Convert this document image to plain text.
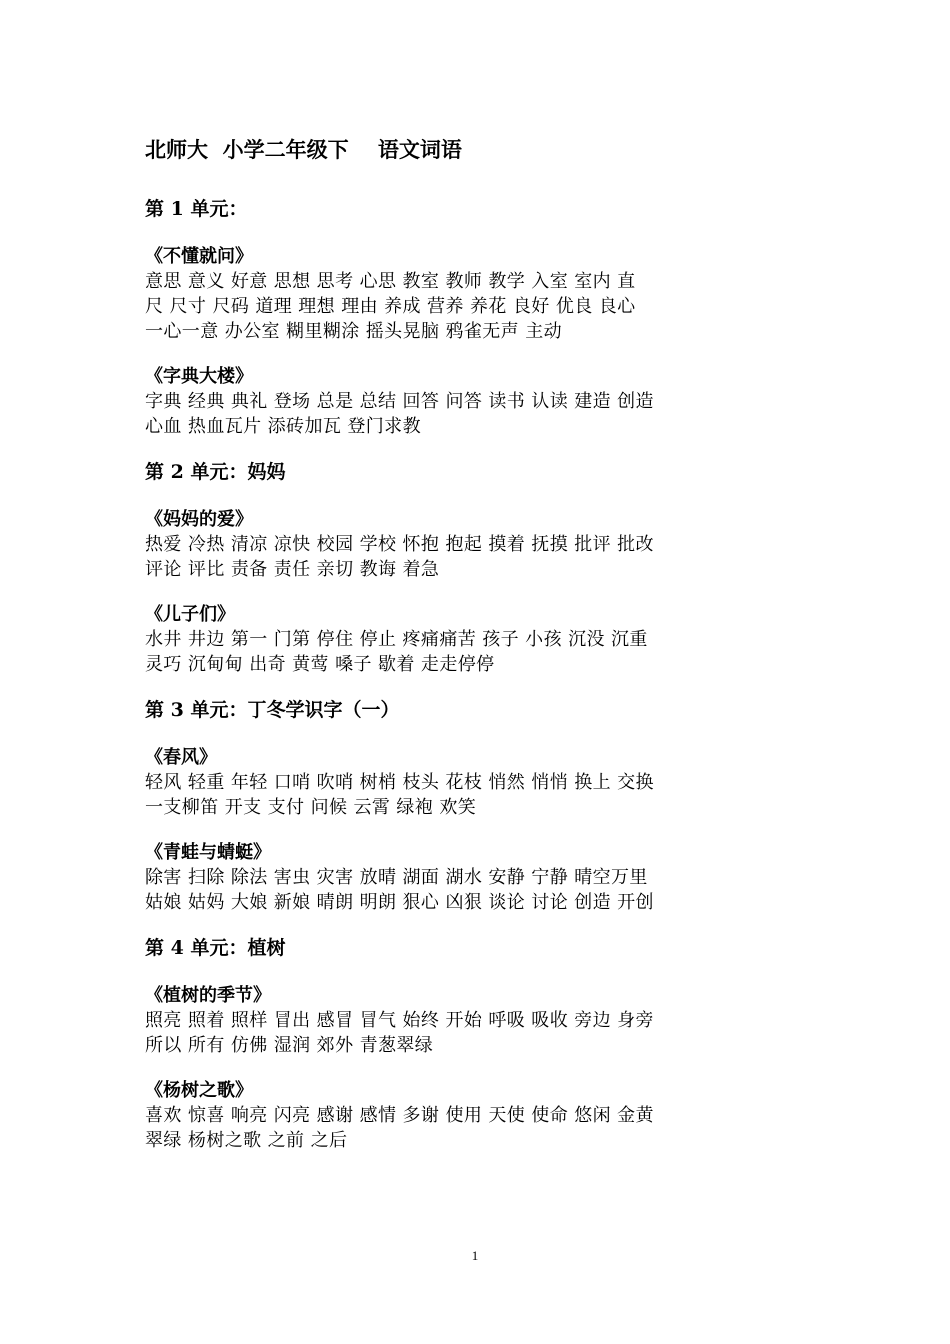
北师大  小学二年级下    语文词语
第 1 单元：
《不懂就问》
意思 意义 好意 思想 思考 心思 教室 教师 教学 入室 室内 直
尺 尺寸 尺码 道理 理想 理由 养成 营养 养花 良好 优良 良心
一心一意 办公室 糊里糊涂 摇头晃脑 鸦雀无声 主动
《字典大楼》
字典 经典 典礼 登场 总是 总结 回答 问答 读书 认读 建造 创造
心血 热血瓦片 添砖加瓦 登门求教
第 2 单元：妈妈
《妈妈的爱》
热爱 冷热 清凉 凉快 校园 学校 怀抱 抱起 摸着 抚摸 批评 批改
评论 评比 责备 责任 亲切 教诲 着急
《儿子们》
水井 井边 第一 门第 停住 停止 疼痛痛苦 孩子 小孩 沉没 沉重
灵巧 沉甸甸 出奇 黄莺 嗓子 歇着 走走停停
第 3 单元：丁冬学识字（一）
《春风》
轻风 轻重 年轻 口哨 吹哨 树梢 枝头 花枝 悄然 悄悄 换上 交换
一支柳笛 开支 支付 问候 云霄 绿袍 欢笑
《青蛙与蜻蜓》
除害 扫除 除法 害虫 灾害 放晴 湖面 湖水 安静 宁静 晴空万里
姑娘 姑妈 大娘 新娘 晴朗 明朗 狠心 凶狠 谈论 讨论 创造 开创
第 4 单元：植树
《植树的季节》
照亮 照着 照样 冒出 感冒 冒气 始终 开始 呼吸 吸收 旁边 身旁
所以 所有 仿佛 湿润 郊外 青葱翠绿
《杨树之歌》
喜欢 惊喜 响亮 闪亮 感谢 感情 多谢 使用 天使 使命 悠闲 金黄
翠绿 杨树之歌 之前 之后
1
